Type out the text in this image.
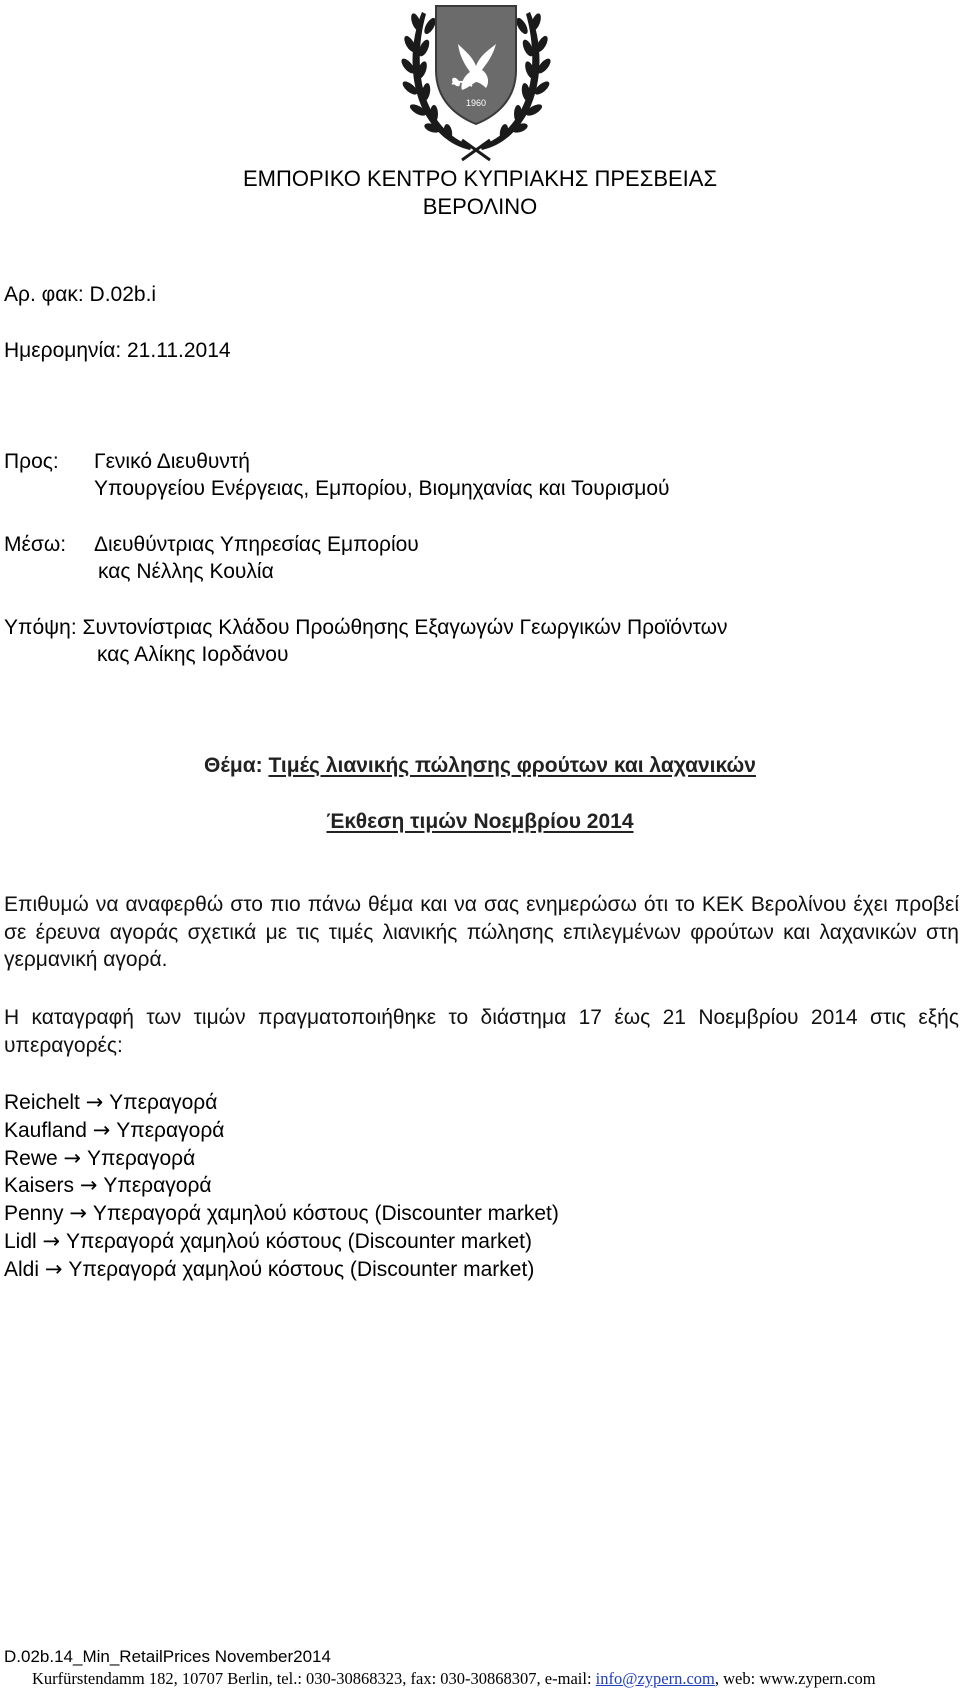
1960
ΕΜΠΟΡΙΚΟ ΚΕΝΤΡΟ ΚΥΠΡΙΑΚΗΣ ΠΡΕΣΒΕΙΑΣ
ΒΕΡΟΛΙΝΟ
Αρ. φακ: D.02b.i
Ημερομηνία: 21.11.2014
Προς: Γενικό Διευθυντή
Υπουργείου Ενέργειας, Εμπορίου, Βιομηχανίας και Τουρισμού
Μέσω: Διευθύντριας Υπηρεσίας Εμπορίου
κας Νέλλης Κουλία
Υπόψη: Συντονίστριας Κλάδου Προώθησης Εξαγωγών Γεωργικών Προϊόντων
κας Αλίκης Ιορδάνου
Θέμα: Τιμές λιανικής πώλησης φρούτων και λαχανικών
Έκθεση τιμών Νοεμβρίου 2014
Επιθυμώ να αναφερθώ στο πιο πάνω θέμα και να σας ενημερώσω ότι το ΚΕΚ Βερολίνου έχει προβεί σε έρευνα αγοράς σχετικά με τις τιμές λιανικής πώλησης επιλεγμένων φρούτων και λαχανικών στη γερμανική αγορά.
Η καταγραφή των τιμών πραγματοποιήθηκε το διάστημα 17 έως 21 Νοεμβρίου 2014 στις εξής υπεραγορές:
Reichelt → Υπεραγορά
Kaufland → Υπεραγορά
Rewe → Υπεραγορά
Kaisers → Υπεραγορά
Penny → Υπεραγορά χαμηλού κόστους (Discounter market)
Lidl → Υπεραγορά χαμηλού κόστους (Discounter market)
Aldi → Υπεραγορά χαμηλού κόστους (Discounter market)
D.02b.14_Min_RetailPrices November2014
Kurfürstendamm 182, 10707 Berlin, tel.: 030-30868323, fax: 030-30868307, e-mail: info@zypern.com, web: www.zypern.com
